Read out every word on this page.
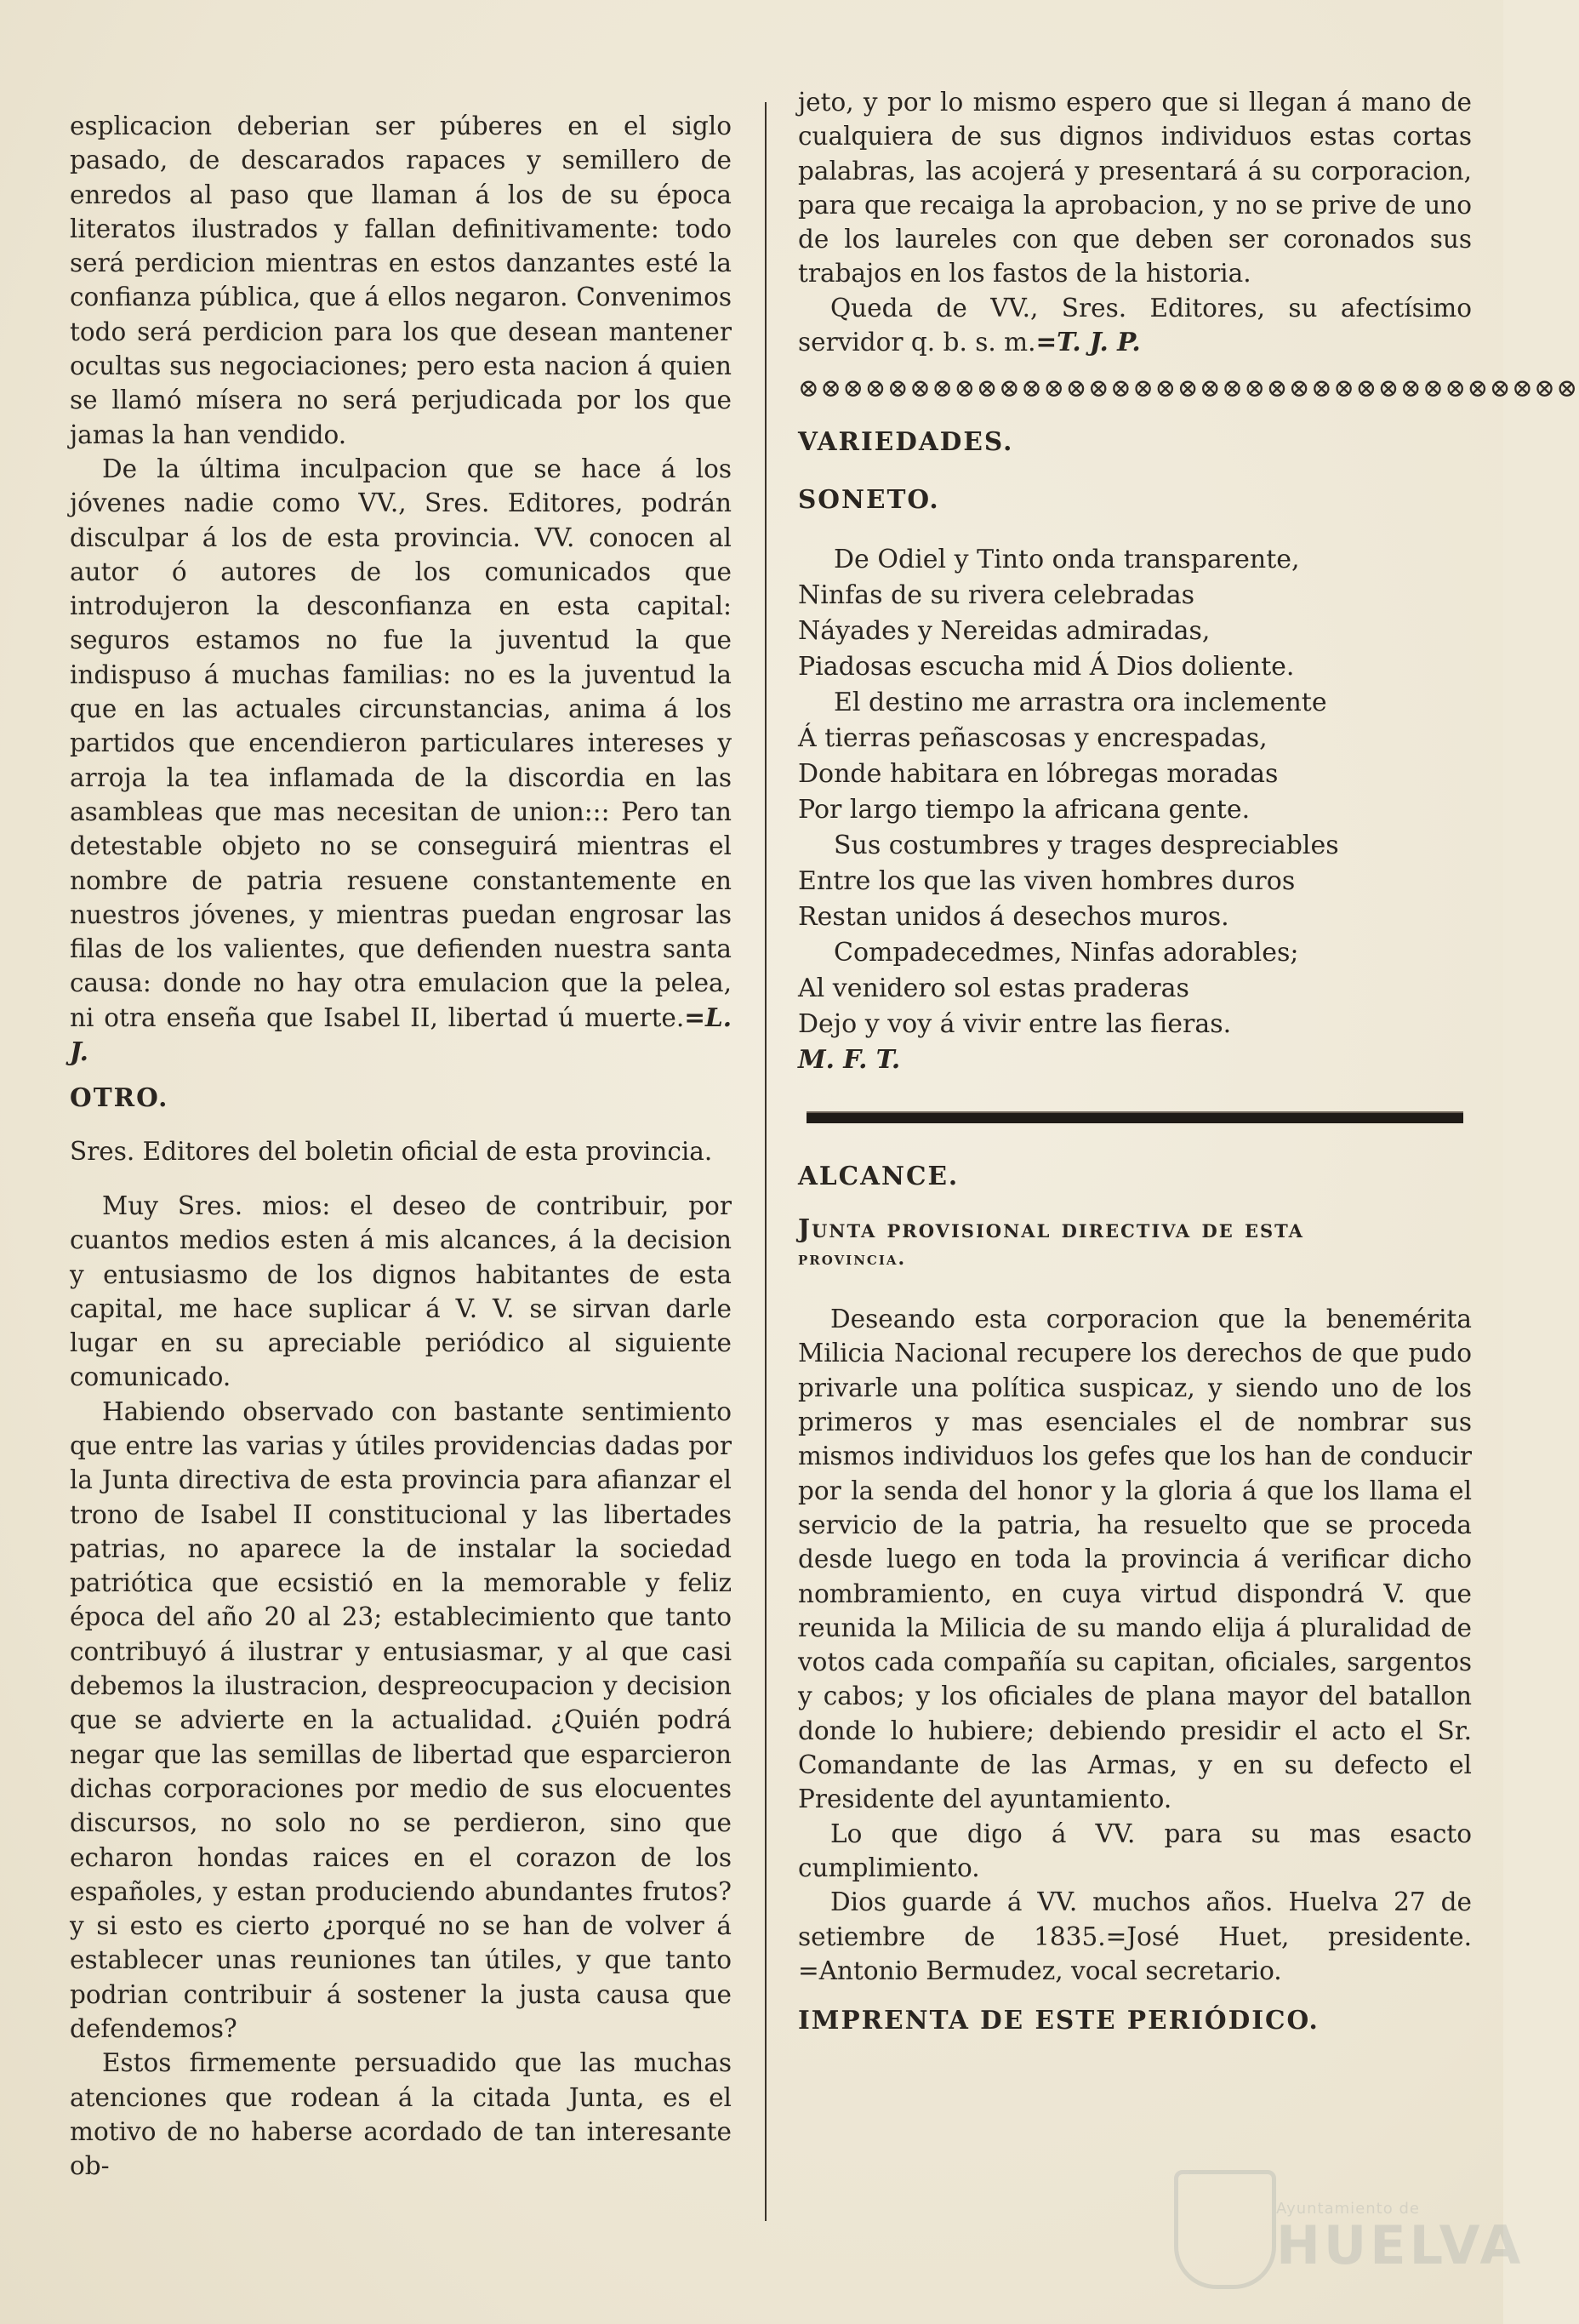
esplicacion deberian ser púberes en el siglo pasado, de descarados rapaces y semillero de enredos al paso que llaman á los de su época literatos ilustrados y fallan definitivamente: todo será perdicion mientras en estos danzantes esté la confianza pública, que á ellos negaron. Convenimos todo será perdicion para los que desean mantener ocultas sus negociaciones; pero esta nacion á quien se llamó mísera no será perjudicada por los que jamas la han vendido.

De la última inculpacion que se hace á los jóvenes nadie como VV., Sres. Editores, podrán disculpar á los de esta provincia. VV. conocen al autor ó autores de los comunicados que introdujeron la desconfianza en esta capital: seguros estamos no fue la juventud la que indispuso á muchas familias: no es la juventud la que en las actuales circunstancias, anima á los partidos que encendieron particulares intereses y arroja la tea inflamada de la discordia en las asambleas que mas necesitan de union::: Pero tan detestable objeto no se conseguirá mientras el nombre de patria resuene constantemente en nuestros jóvenes, y mientras puedan engrosar las filas de los valientes, que defienden nuestra santa causa: donde no hay otra emulacion que la pelea, ni otra enseña que Isabel II, libertad ú muerte.=L. J.

OTRO.

Sres. Editores del boletin oficial de esta provincia.

Muy Sres. mios: el deseo de contribuir, por cuantos medios esten á mis alcances, á la decision y entusiasmo de los dignos habitantes de esta capital, me hace suplicar á V. V. se sirvan darle lugar en su apreciable periódico al siguiente comunicado.

Habiendo observado con bastante sentimiento que entre las varias y útiles providencias dadas por la Junta directiva de esta provincia para afianzar el trono de Isabel II constitucional y las libertades patrias, no aparece la de instalar la sociedad patriótica que ecsistió en la memorable y feliz época del año 20 al 23; establecimiento que tanto contribuyó á ilustrar y entusiasmar, y al que casi debemos la ilustracion, despreocupacion y decision que se advierte en la actualidad. ¿Quién podrá negar que las semillas de libertad que esparcieron dichas corporaciones por medio de sus elocuentes discursos, no solo no se perdieron, sino que echaron hondas raices en el corazon de los españoles, y estan produciendo abundantes frutos? y si esto es cierto ¿porqué no se han de volver á establecer unas reuniones tan útiles, y que tanto podrian contribuir á sostener la justa causa que defendemos?

Estos firmemente persuadido que las muchas atenciones que rodean á la citada Junta, es el motivo de no haberse acordado de tan interesante ob-

jeto, y por lo mismo espero que si llegan á mano de cualquiera de sus dignos individuos estas cortas palabras, las acojerá y presentará á su corporacion, para que recaiga la aprobacion, y no se prive de uno de los laureles con que deben ser coronados sus trabajos en los fastos de la historia.

Queda de VV., Sres. Editores, su afectísimo servidor q. b. s. m.=T. J. P.

⊗⊗⊗⊗⊗⊗⊗⊗⊗⊗⊗⊗⊗⊗⊗⊗⊗⊗⊗⊗⊗⊗⊗⊗⊗⊗⊗⊗⊗⊗⊗⊗⊗⊗⊗

VARIEDADES.

SONETO.

De Odiel y Tinto onda transparente,
Ninfas de su rivera celebradas
Náyades y Nereidas admiradas,
Piadosas escucha mid Á Dios doliente.
El destino me arrastra ora inclemente
Á tierras peñascosas y encrespadas,
Donde habitara en lóbregas moradas
Por largo tiempo la africana gente.
Sus costumbres y trages despreciables
Entre los que las viven hombres duros
Restan unidos á desechos muros.
Compadecedmes, Ninfas adorables;
Al venidero sol estas praderas
Dejo y voy á vivir entre las fieras.

M. F. T.

ALCANCE.

Junta provisional directiva de esta

provincia.

Deseando esta corporacion que la benemérita Milicia Nacional recupere los derechos de que pudo privarle una política suspicaz, y siendo uno de los primeros y mas esenciales el de nombrar sus mismos individuos los gefes que los han de conducir por la senda del honor y la gloria á que los llama el servicio de la patria, ha resuelto que se proceda desde luego en toda la provincia á verificar dicho nombramiento, en cuya virtud dispondrá V. que reunida la Milicia de su mando elija á pluralidad de votos cada compañía su capitan, oficiales, sargentos y cabos; y los oficiales de plana mayor del batallon donde lo hubiere; debiendo presidir el acto el Sr. Comandante de las Armas, y en su defecto el Presidente del ayuntamiento.

Lo que digo á VV. para su mas esacto cumplimiento.

Dios guarde á VV. muchos años. Huelva 27 de setiembre de 1835.=José Huet, presidente. =Antonio Bermudez, vocal secretario.

IMPRENTA DE ESTE PERIÓDICO.

Ayuntamiento de
HUELVA
